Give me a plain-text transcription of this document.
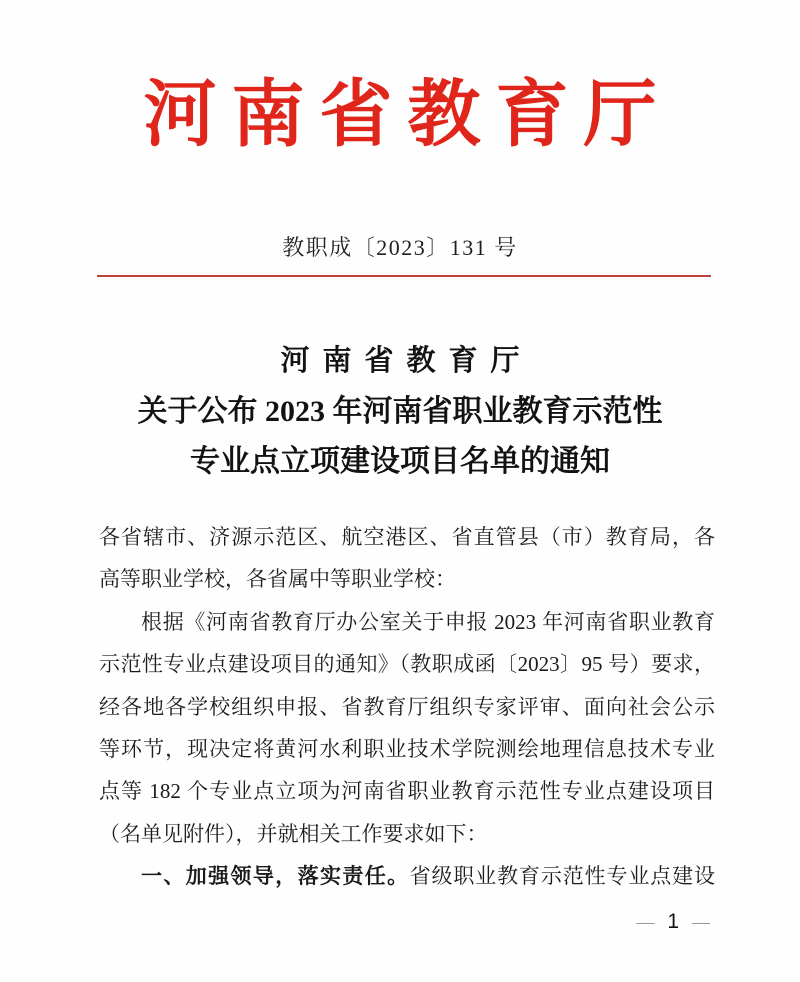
河南省教育厅
教职成〔2023〕131 号
河南省教育厅
关于公布 2023 年河南省职业教育示范性
专业点立项建设项目名单的通知
各省辖市、济源示范区、航空港区、省直管县（市）教育局，各
高等职业学校，各省属中等职业学校：
根据《河南省教育厅办公室关于申报 2023 年河南省职业教育
示范性专业点建设项目的通知》（教职成函〔2023〕95 号）要求，
经各地各学校组织申报、省教育厅组织专家评审、面向社会公示
等环节，现决定将黄河水利职业技术学院测绘地理信息技术专业
点等 182 个专业点立项为河南省职业教育示范性专业点建设项目
（名单见附件），并就相关工作要求如下：
一、加强领导，落实责任。省级职业教育示范性专业点建设
— 1 —
